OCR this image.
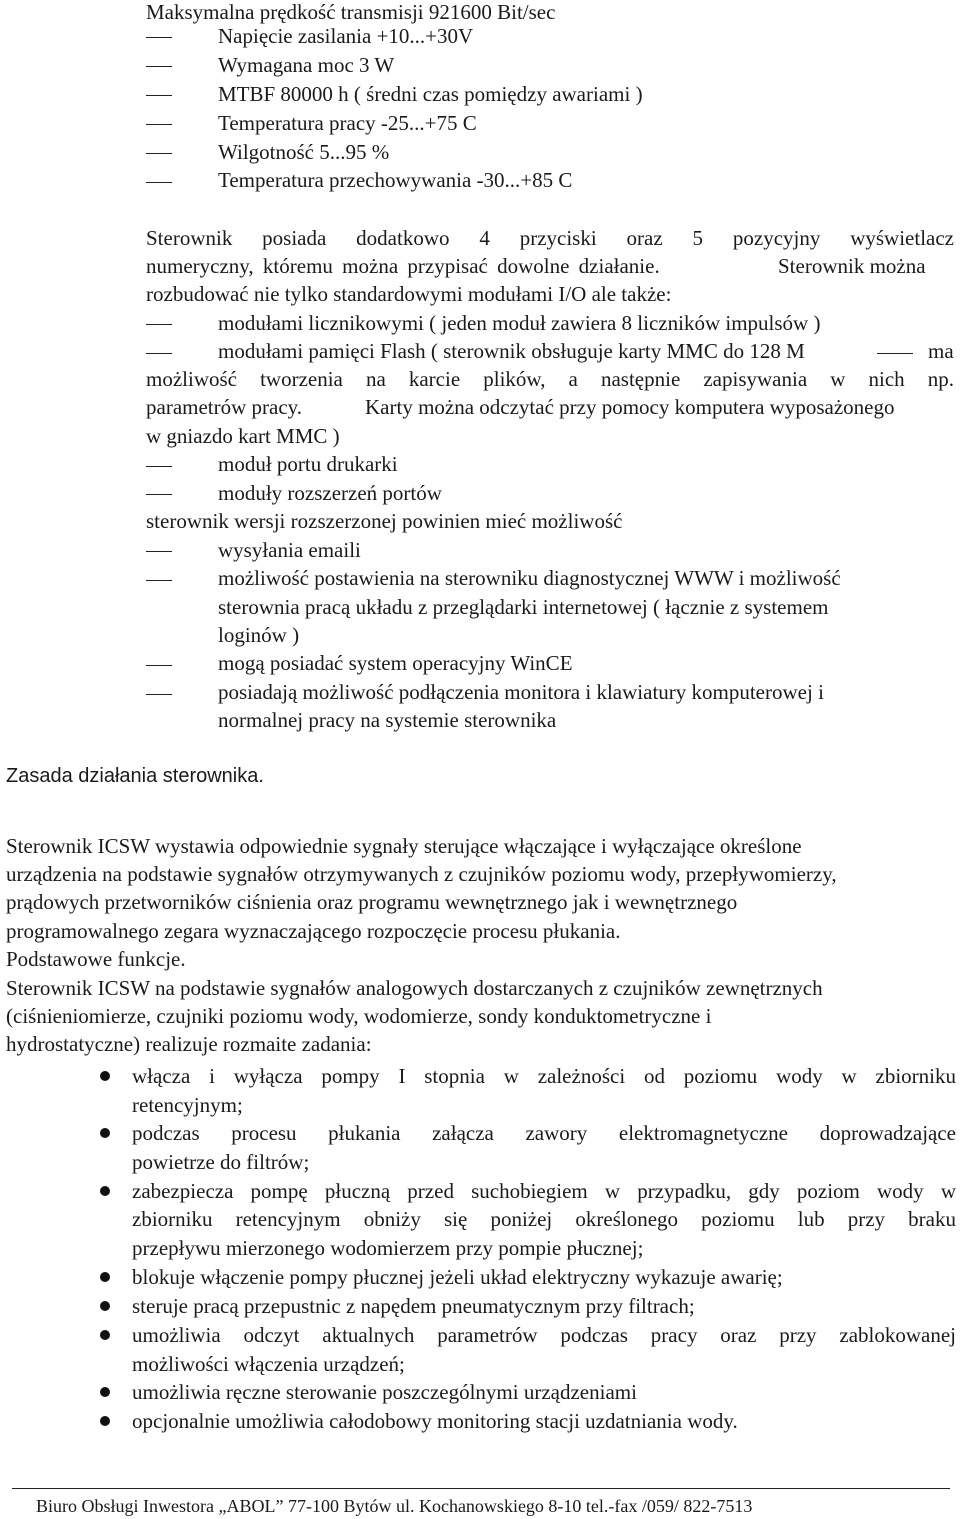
Maksymalna prędkość transmisji 921600 Bit/sec
Napięcie zasilania +10...+30V
Wymagana moc 3 W
MTBF 80000 h ( średni czas pomiędzy awariami )
Temperatura pracy -25...+75 C
Wilgotność 5...95 %
Temperatura przechowywania -30...+85 C
Sterownik posiada dodatkowo 4 przyciski oraz 5 pozycyjny wyświetlacz
numeryczny, któremu można przypisać dowolne działanie.	Sterownik można
rozbudować nie tylko standardowymi modułami I/O ale także:
modułami licznikowymi ( jeden moduł zawiera 8 liczników impulsów )
modułami pamięci Flash ( sterownik obsługuje karty MMC do 128 M	ma
możliwość tworzenia na karcie plików, a następnie zapisywania w nich np.
parametrów pracy.	Karty można odczytać przy pomocy komputera wyposażonego
w gniazdo kart MMC )
moduł portu drukarki
moduły rozszerzeń portów
sterownik wersji rozszerzonej powinien mieć możliwość
wysyłania emaili
możliwość postawienia na sterowniku diagnostycznej WWW i możliwość
sterownia pracą układu z przeglądarki internetowej ( łącznie z systemem
loginów )
mogą posiadać system operacyjny WinCE
posiadają możliwość podłączenia monitora i klawiatury komputerowej i
normalnej pracy na systemie sterownika
Zasada działania sterownika.
Sterownik ICSW wystawia odpowiednie sygnały sterujące włączające i wyłączające określone
urządzenia na podstawie sygnałów otrzymywanych z czujników poziomu wody, przepływomierzy,
prądowych przetworników ciśnienia oraz programu wewnętrznego jak i wewnętrznego
programowalnego zegara wyznaczającego rozpoczęcie procesu płukania.
Podstawowe funkcje.
Sterownik ICSW na podstawie sygnałów analogowych dostarczanych z czujników zewnętrznych
(ciśnieniomierze, czujniki poziomu wody, wodomierze, sondy konduktometryczne i
hydrostatyczne) realizuje rozmaite zadania:
włącza i wyłącza pompy I stopnia w zależności od poziomu wody w zbiorniku
retencyjnym;
podczas procesu płukania załącza zawory elektromagnetyczne doprowadzające
powietrze do filtrów;
zabezpiecza pompę płuczną przed suchobiegiem w przypadku, gdy poziom wody w
zbiorniku retencyjnym obniży się poniżej określonego poziomu lub przy braku
przepływu mierzonego wodomierzem przy pompie płucznej;
blokuje włączenie pompy płucznej jeżeli układ elektryczny wykazuje awarię;
steruje pracą przepustnic z napędem pneumatycznym przy filtrach;
umożliwia odczyt aktualnych parametrów podczas pracy oraz przy zablokowanej
możliwości włączenia urządzeń;
umożliwia ręczne sterowanie poszczególnymi urządzeniami
opcjonalnie umożliwia całodobowy monitoring stacji uzdatniania wody.
Biuro Obsługi Inwestora „ABOL” 77-100 Bytów ul. Kochanowskiego 8-10 tel.-fax /059/ 822-7513
